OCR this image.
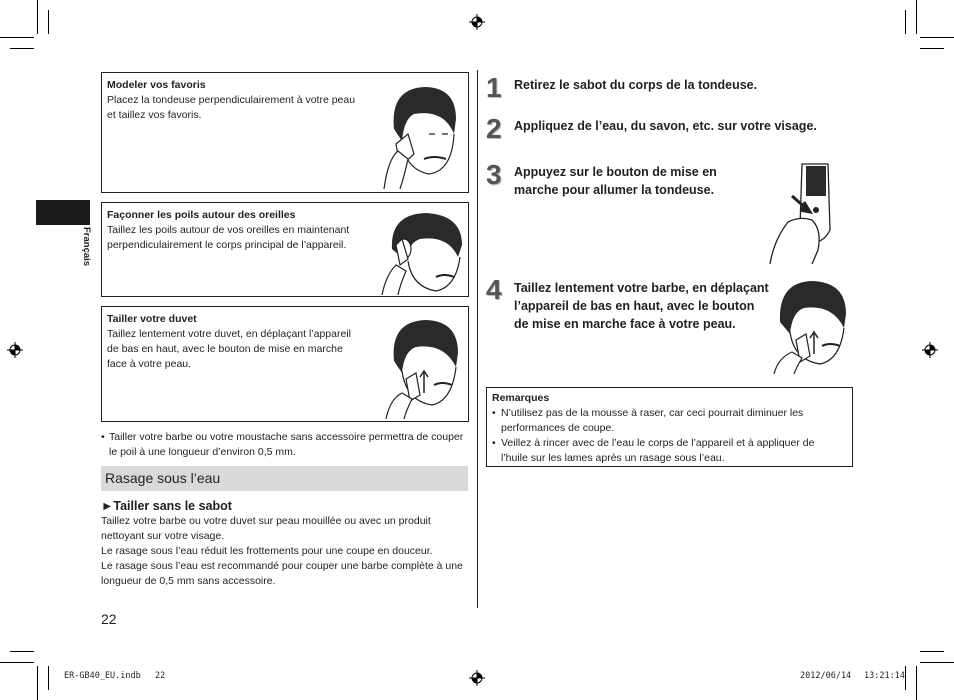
Français
Modeler vos favoris
Placez la tondeuse perpendiculairement à votre peau et taillez vos favoris.
Façonner les poils autour des oreilles
Taillez les poils autour de vos oreilles en maintenant perpendiculairement le corps principal de l’appareil.
Tailler votre duvet
Taillez lentement votre duvet, en déplaçant l’appareil de bas en haut, avec le bouton de mise en marche face à votre peau.
• Tailler votre barbe ou votre moustache sans accessoire permettra de couper le poil à une longueur d’environ 0,5 mm.
Rasage sous l’eau
►Tailler sans le sabot
Taillez votre barbe ou votre duvet sur peau mouillée ou avec un produit nettoyant sur votre visage.
Le rasage sous l’eau réduit les frottements pour une coupe en douceur.
Le rasage sous l’eau est recommandé pour couper une barbe complète à une longueur de 0,5 mm sans accessoire.
22
1 Retirez le sabot du corps de la tondeuse.
2 Appliquez de l’eau, du savon, etc. sur votre visage.
3 Appuyez sur le bouton de mise en marche pour allumer la tondeuse.
4 Taillez lentement votre barbe, en déplaçant l’appareil de bas en haut, avec le bouton de mise en marche face à votre peau.
Remarques
• N’utilisez pas de la mousse à raser, car ceci pourrait diminuer les performances de coupe.
• Veillez à rincer avec de l’eau le corps de l’appareil et à appliquer de l’huile sur les lames après un rasage sous l’eau.
ER-GB40_EU.indb 22	2012/06/14 13:21:14
